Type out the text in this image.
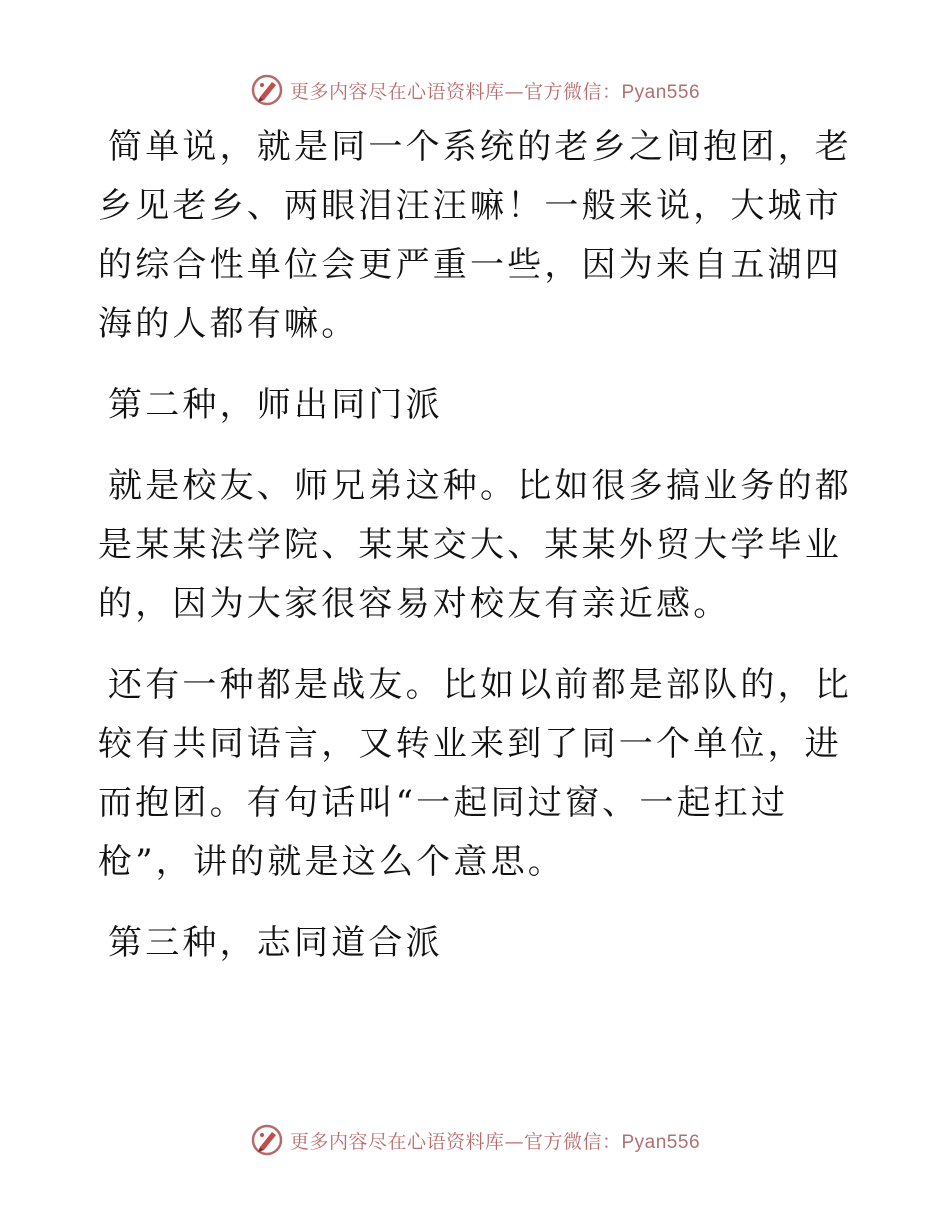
更多内容尽在心语资料库—官方微信：Pyan556

简单说，就是同一个系统的老乡之间抱团，老乡见老乡、两眼泪汪汪嘛！一般来说，大城市的综合性单位会更严重一些，因为来自五湖四海的人都有嘛。

第二种，师出同门派

就是校友、师兄弟这种。比如很多搞业务的都是某某法学院、某某交大、某某外贸大学毕业的，因为大家很容易对校友有亲近感。

还有一种都是战友。比如以前都是部队的，比较有共同语言，又转业来到了同一个单位，进而抱团。有句话叫“一起同过窗、一起扛过枪”，讲的就是这么个意思。

第三种，志同道合派

更多内容尽在心语资料库—官方微信：Pyan556
